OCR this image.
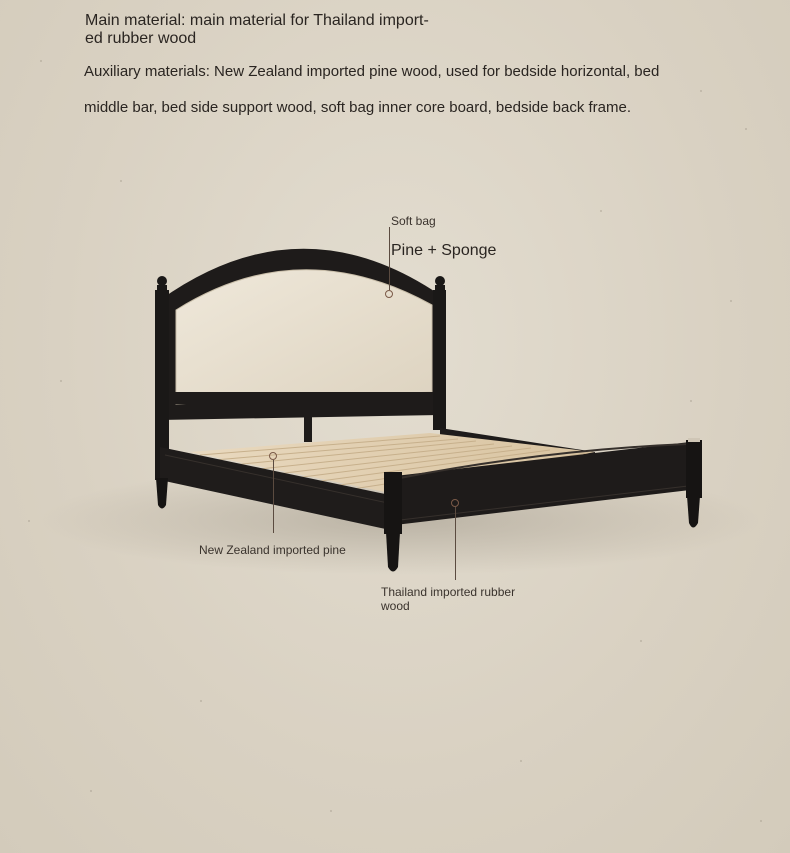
Main material: main material for Thailand import-
ed rubber wood
Auxiliary materials: New Zealand imported pine wood, used for bedside horizontal, bed
middle bar, bed side support wood, soft bag inner core board, bedside back frame.
Soft bag
Pine + Sponge
New Zealand imported pine
Thailand imported rubber
wood
